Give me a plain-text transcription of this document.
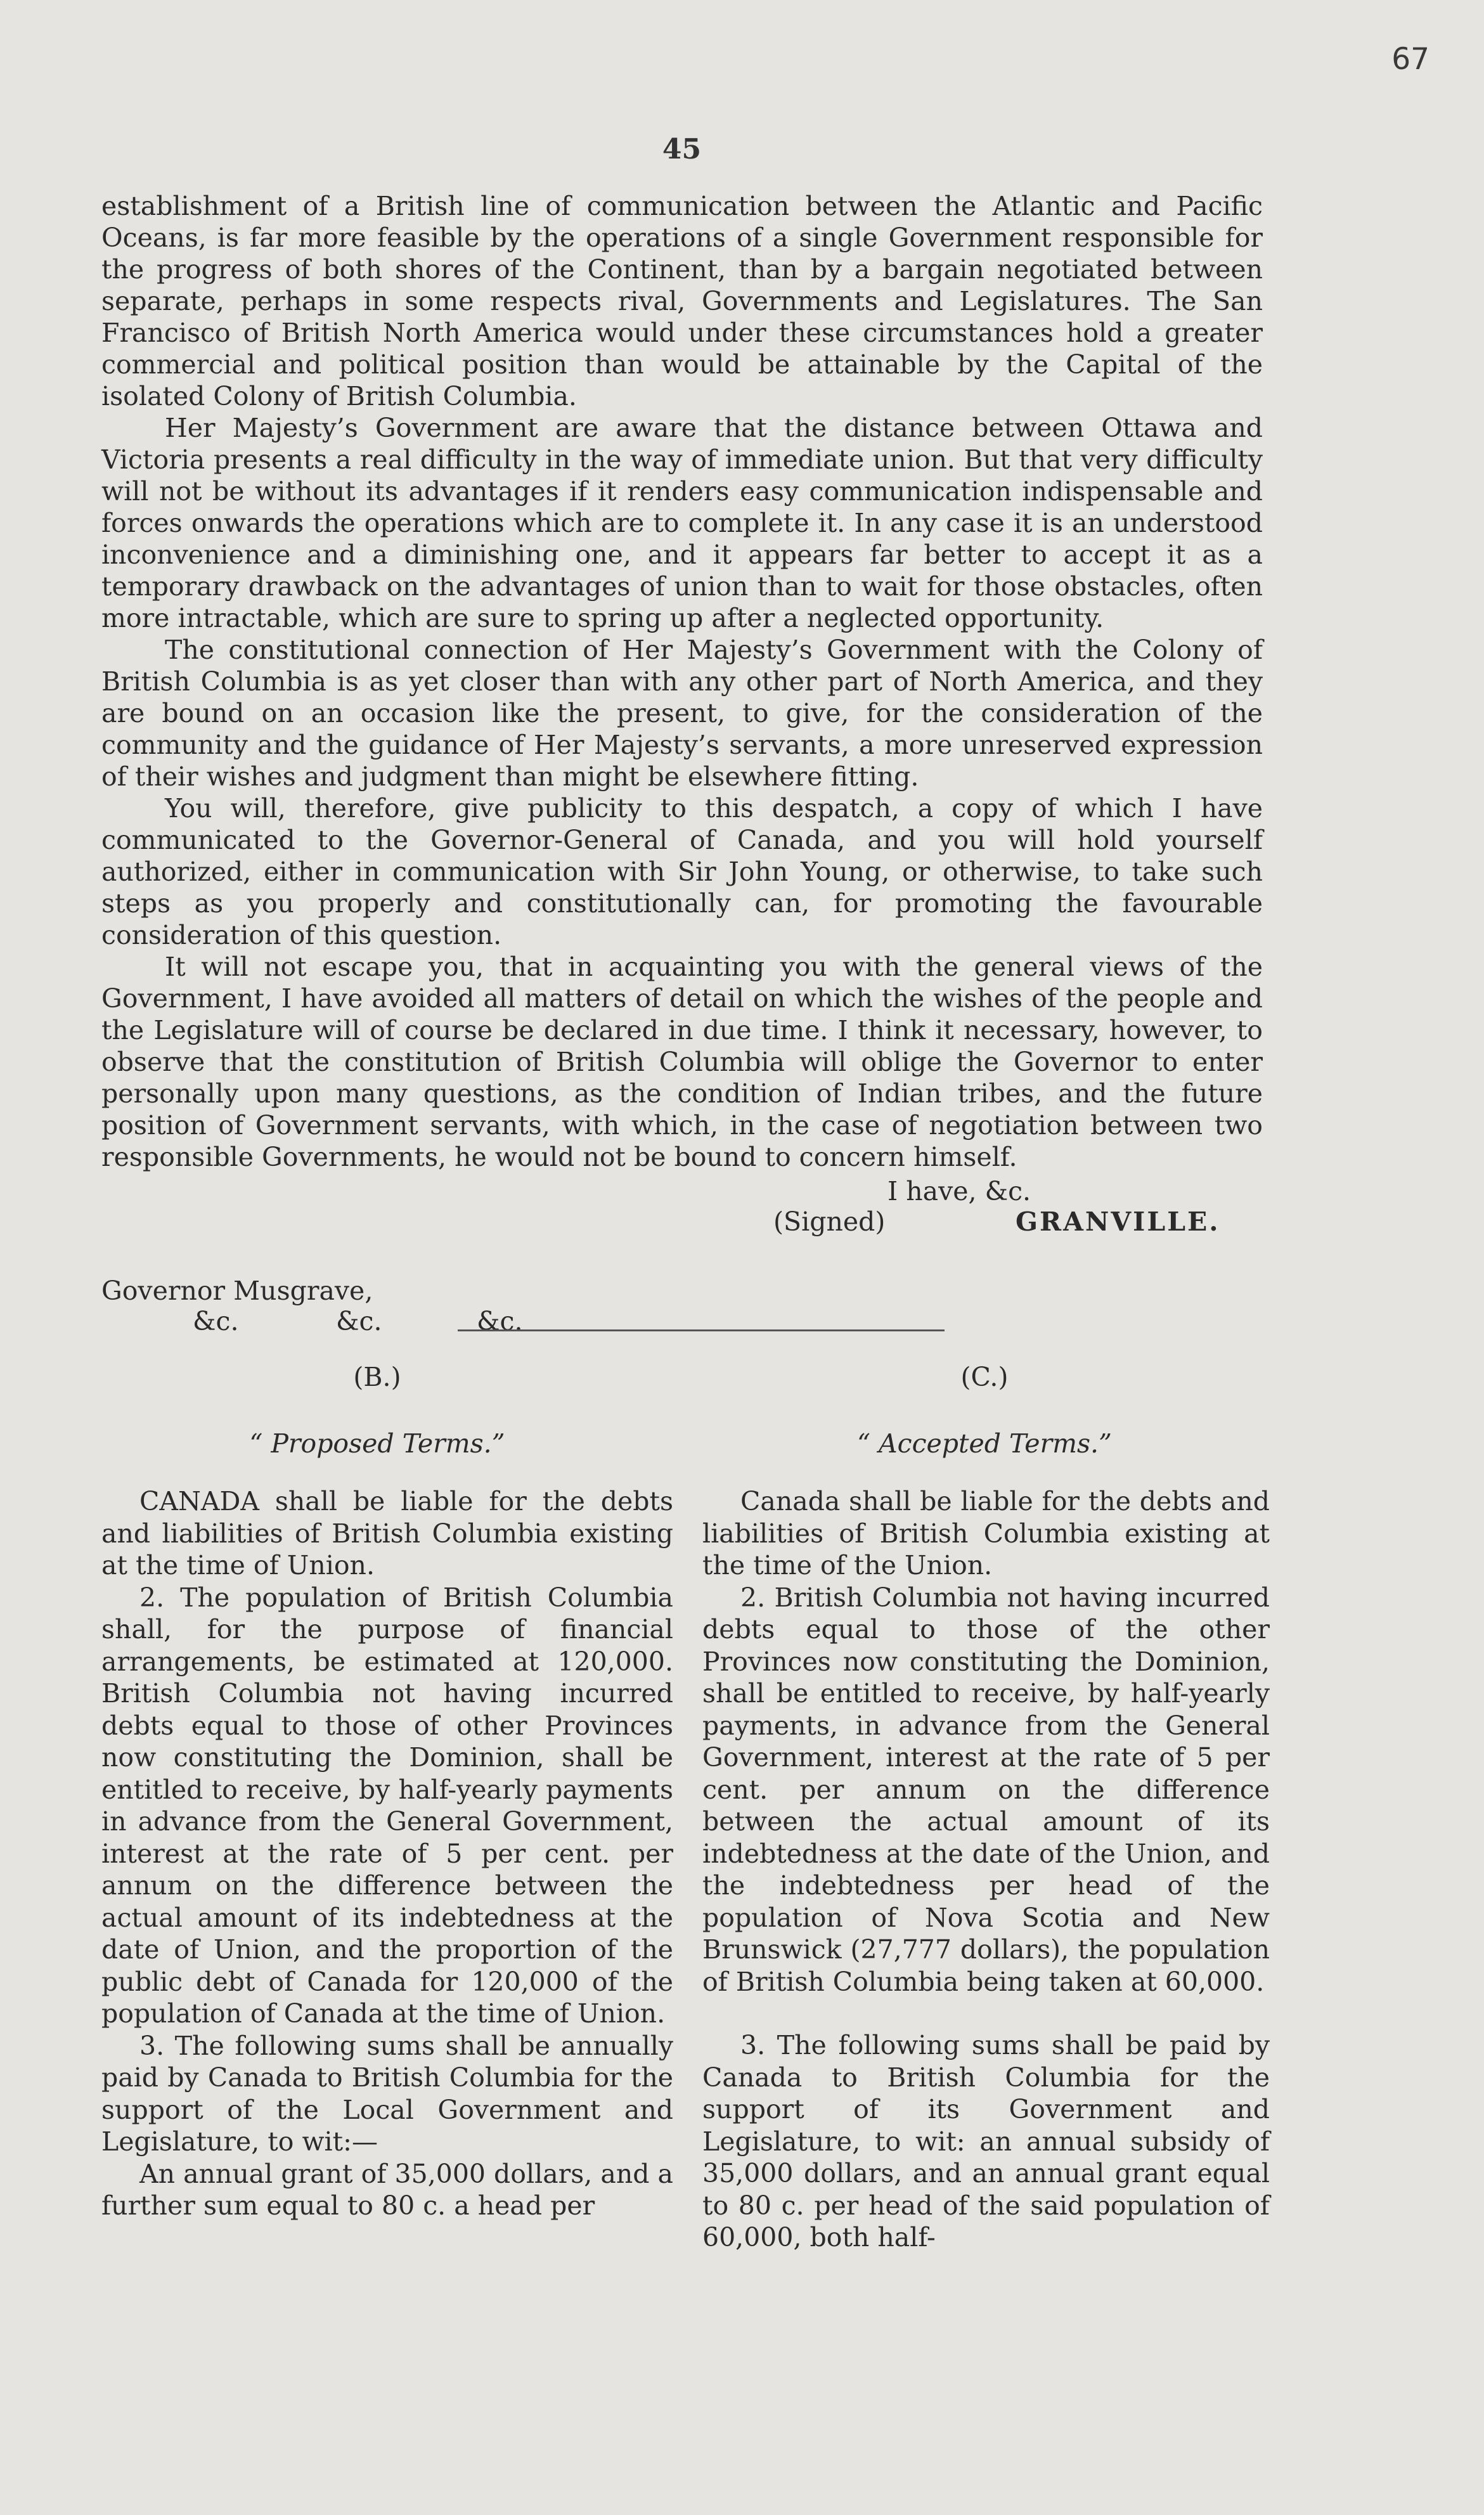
67
45

establishment of a British line of communication between the Atlantic and Pacific Oceans, is far more feasible by the operations of a single Government responsible for the progress of both shores of the Continent, than by a bargain negotiated between separate, perhaps in some respects rival, Governments and Legislatures. The San Francisco of British North America would under these circumstances hold a greater commercial and political position than would be attainable by the Capital of the isolated Colony of British Columbia.

Her Majesty’s Government are aware that the distance between Ottawa and Victoria presents a real difficulty in the way of immediate union. But that very difficulty will not be without its advantages if it renders easy communication indispensable and forces onwards the operations which are to complete it. In any case it is an understood inconvenience and a diminishing one, and it appears far better to accept it as a temporary drawback on the advantages of union than to wait for those obstacles, often more intractable, which are sure to spring up after a neglected opportunity.

The constitutional connection of Her Majesty’s Government with the Colony of British Columbia is as yet closer than with any other part of North America, and they are bound on an occasion like the present, to give, for the consideration of the community and the guidance of Her Majesty’s servants, a more unreserved expression of their wishes and judgment than might be elsewhere fitting.

You will, therefore, give publicity to this despatch, a copy of which I have communicated to the Governor-General of Canada, and you will hold yourself authorized, either in communication with Sir John Young, or otherwise, to take such steps as you properly and constitutionally can, for promoting the favourable consideration of this question.

It will not escape you, that in acquainting you with the general views of the Government, I have avoided all matters of detail on which the wishes of the people and the Legislature will of course be declared in due time. I think it necessary, however, to observe that the constitution of British Columbia will oblige the Governor to enter personally upon many questions, as the condition of Indian tribes, and the future position of Government servants, with which, in the case of negotiation between two responsible Governments, he would not be bound to concern himself.

I have, &c.
(Signed)	GRANVILLE.
Governor Musgrave,
&c.	&c.	&c.
(B.)
“ Proposed Terms.”

CANADA shall be liable for the debts and liabilities of British Columbia existing at the time of Union.

2. The population of British Columbia shall, for the purpose of financial arrangements, be estimated at 120,000. British Columbia not having incurred debts equal to those of other Provinces now constituting the Dominion, shall be entitled to receive, by half-yearly payments in advance from the General Government, interest at the rate of 5 per cent. per annum on the difference between the actual amount of its indebtedness at the date of Union, and the proportion of the public debt of Canada for 120,000 of the population of Canada at the time of Union.

3. The following sums shall be annually paid by Canada to British Columbia for the support of the Local Government and Legislature, to wit:—

An annual grant of 35,000 dollars, and a further sum equal to 80 c. a head per

(C.)
“ Accepted Terms.”

Canada shall be liable for the debts and liabilities of British Columbia existing at the time of the Union.

2. British Columbia not having incurred debts equal to those of the other Provinces now constituting the Dominion, shall be entitled to receive, by half-yearly payments, in advance from the General Government, interest at the rate of 5 per cent. per annum on the difference between the actual amount of its indebtedness at the date of the Union, and the indebtedness per head of the population of Nova Scotia and New Brunswick (27,777 dollars), the population of British Columbia being taken at 60,000.

3. The following sums shall be paid by Canada to British Columbia for the support of its Government and Legislature, to wit: an annual subsidy of 35,000 dollars, and an annual grant equal to 80 c. per head of the said population of 60,000, both half-
